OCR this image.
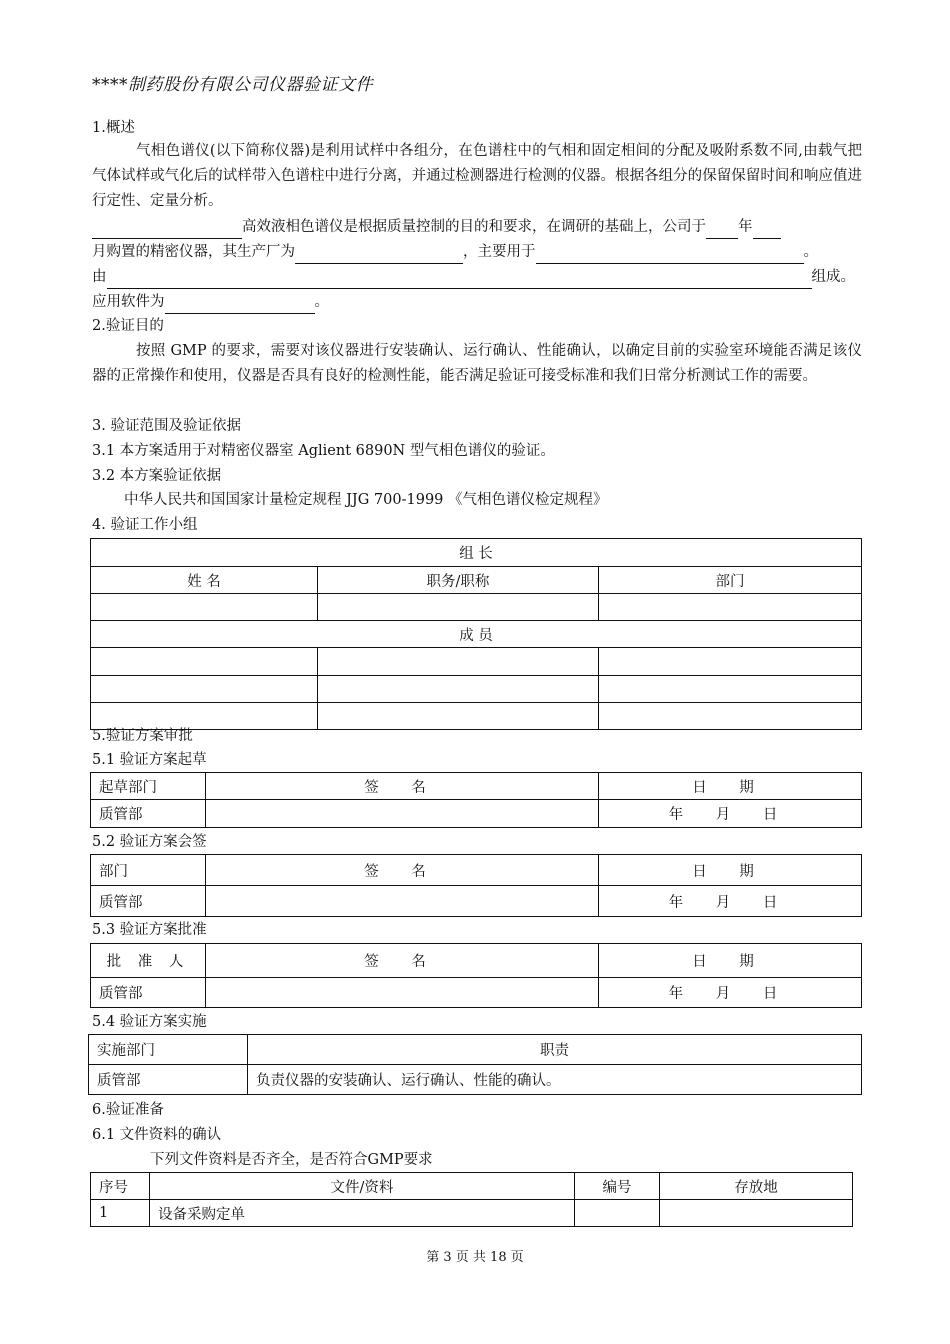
****制药股份有限公司仪器验证文件
1.概述
气相色谱仪(以下简称仪器)是利用试样中各组分，在色谱柱中的气相和固定相间的分配及吸附系数不同,由载气把气体试样或气化后的试样带入色谱柱中进行分离，并通过检测器进行检测的仪器。根据各组分的保留保留时间和响应值进行定性、定量分析。
高效液相色谱仪是根据质量控制的目的和要求，在调研的基础上，公司于 年
月购置的精密仪器，其生产厂为	，主要用于	。
由	组成。
应用软件为	。
2.验证目的
按照 GMP 的要求，需要对该仪器进行安装确认、运行确认、性能确认，以确定目前的实验室环境能否满足该仪器的正常操作和使用，仪器是否具有良好的检测性能，能否满足验证可接受标准和我们日常分析测试工作的需要。
3. 验证范围及验证依据
3.1 本方案适用于对精密仪器室 Aglient 6890N 型气相色谱仪的验证。
3.2 本方案验证依据
中华人民共和国国家计量检定规程 JJG 700-1999 《气相色谱仪检定规程》
4. 验证工作小组
组 长		
姓 名	职务/职称	部门

成 员		

5.验证方案审批
5.1 验证方案起草
起草部门	签 名	日 期
质管部		年 月 日
5.2 验证方案会签
部门	签 名	日 期
质管部		年 月 日
5.3 验证方案批准
批 准 人	签 名	日 期
质管部		年 月 日
5.4 验证方案实施
实施部门	职责
质管部	负责仪器的安装确认、运行确认、性能的确认。
6.验证准备
6.1 文件资料的确认
下列文件资料是否齐全，是否符合GMP要求
序号	文件/资料	编号	存放地
1	设备采购定单		
第 3 页 共 18 页
